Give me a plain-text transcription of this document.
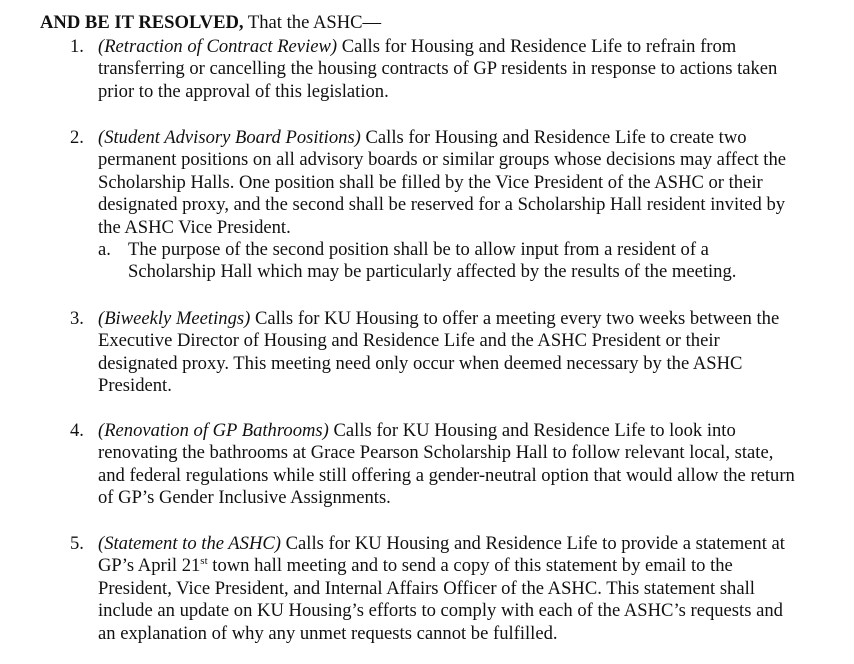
AND BE IT RESOLVED, That the ASHC—
1. (Retraction of Contract Review) Calls for Housing and Residence Life to refrain from transferring or cancelling the housing contracts of GP residents in response to actions taken prior to the approval of this legislation.
2. (Student Advisory Board Positions) Calls for Housing and Residence Life to create two permanent positions on all advisory boards or similar groups whose decisions may affect the Scholarship Halls. One position shall be filled by the Vice President of the ASHC or their designated proxy, and the second shall be reserved for a Scholarship Hall resident invited by the ASHC Vice President.
a. The purpose of the second position shall be to allow input from a resident of a Scholarship Hall which may be particularly affected by the results of the meeting.
3. (Biweekly Meetings) Calls for KU Housing to offer a meeting every two weeks between the Executive Director of Housing and Residence Life and the ASHC President or their designated proxy. This meeting need only occur when deemed necessary by the ASHC President.
4. (Renovation of GP Bathrooms) Calls for KU Housing and Residence Life to look into renovating the bathrooms at Grace Pearson Scholarship Hall to follow relevant local, state, and federal regulations while still offering a gender-neutral option that would allow the return of GP’s Gender Inclusive Assignments.
5. (Statement to the ASHC) Calls for KU Housing and Residence Life to provide a statement at GP’s April 21st town hall meeting and to send a copy of this statement by email to the President, Vice President, and Internal Affairs Officer of the ASHC. This statement shall include an update on KU Housing’s efforts to comply with each of the ASHC’s requests and an explanation of why any unmet requests cannot be fulfilled.
